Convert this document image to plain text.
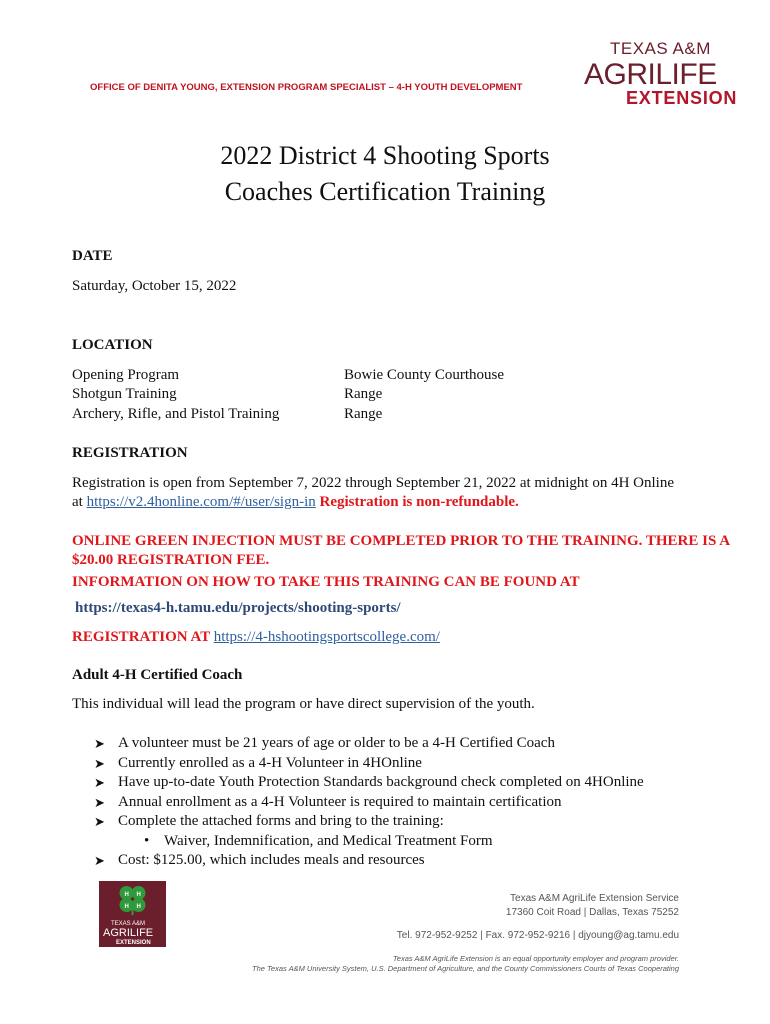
OFFICE OF DENITA YOUNG, EXTENSION PROGRAM SPECIALIST – 4-H YOUTH DEVELOPMENT
TEXAS A&M
AGRILIFE
EXTENSION
2022 District 4 Shooting Sports
Coaches Certification Training
DATE
Saturday, October 15, 2022
LOCATION
Opening Program	Bowie County Courthouse
Shotgun Training	Range
Archery, Rifle, and Pistol Training	Range
REGISTRATION
Registration is open from September 7, 2022 through September 21, 2022 at midnight on 4H Online
at https://v2.4honline.com/#/user/sign-in Registration is non-refundable.
ONLINE GREEN INJECTION MUST BE COMPLETED PRIOR TO THE TRAINING. THERE IS A
$20.00 REGISTRATION FEE.
INFORMATION ON HOW TO TAKE THIS TRAINING CAN BE FOUND AT
https://texas4-h.tamu.edu/projects/shooting-sports/
REGISTRATION AT https://4-hshootingsportscollege.com/
Adult 4-H Certified Coach
This individual will lead the program or have direct supervision of the youth.
➤ A volunteer must be 21 years of age or older to be a 4-H Certified Coach
➤ Currently enrolled as a 4-H Volunteer in 4HOnline
➤ Have up-to-date Youth Protection Standards background check completed on 4HOnline
➤ Annual enrollment as a 4-H Volunteer is required to maintain certification
➤ Complete the attached forms and bring to the training:
• Waiver, Indemnification, and Medical Treatment Form
➤ Cost: $125.00, which includes meals and resources
H H
H H
TEXAS A&M
AGRILIFE
EXTENSION
Texas A&M AgriLife Extension Service
17360 Coit Road | Dallas, Texas 75252
Tel. 972-952-9252 | Fax. 972-952-9216 | djyoung@ag.tamu.edu
Texas A&M AgriLife Extension is an equal opportunity employer and program provider.
The Texas A&M University System, U.S. Department of Agriculture, and the County Commissioners Courts of Texas Cooperating
